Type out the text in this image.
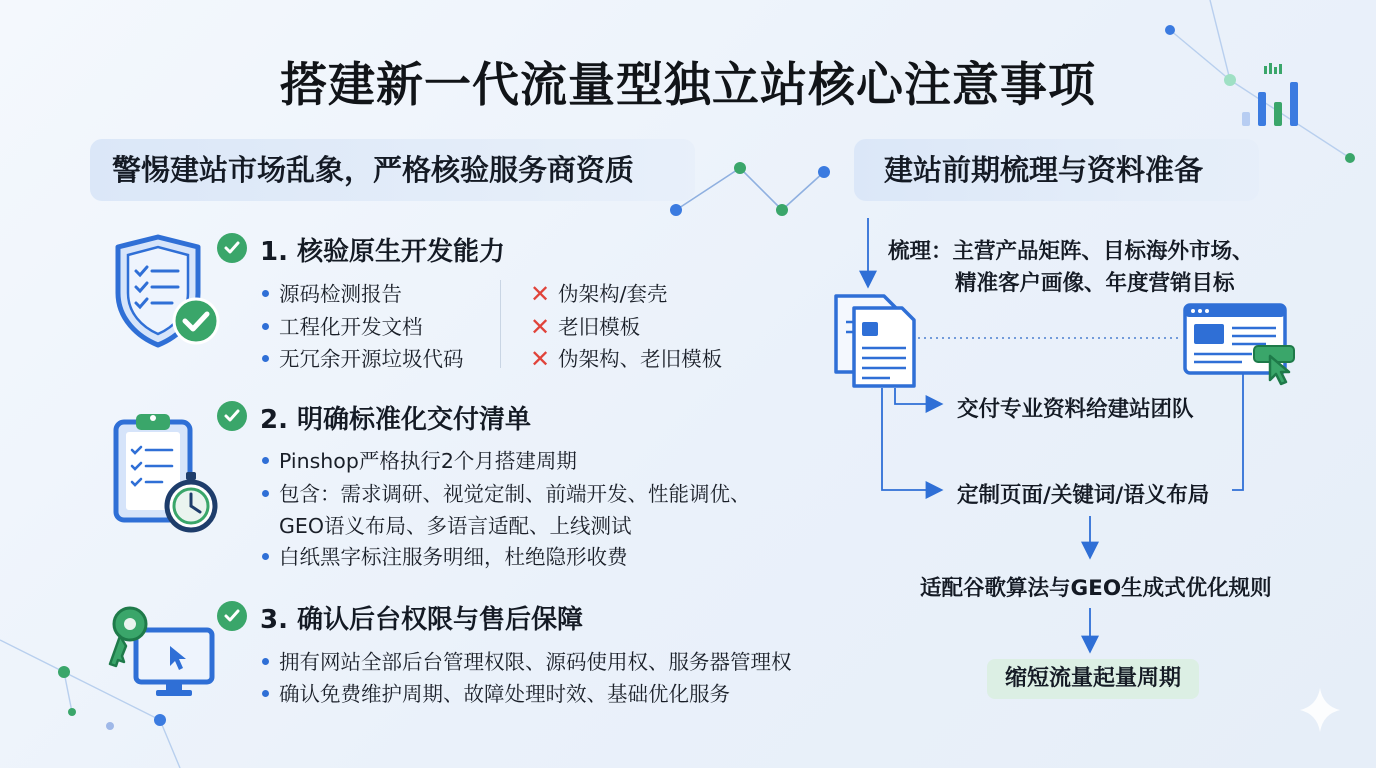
搭建新一代流量型独立站核心注意事项
警惕建站市场乱象，严格核验服务商资质
1. 核验原生开发能力
源码检测报告
工程化开发文档
无冗余开源垃圾代码
✕ 伪架构/套壳
✕ 老旧模板
✕ 伪架构、老旧模板
2. 明确标准化交付清单
Pinshop严格执行2个月搭建周期
包含：需求调研、视觉定制、前端开发、性能调优、
GEO语义布局、多语言适配、上线测试
白纸黑字标注服务明细，杜绝隐形收费
3. 确认后台权限与售后保障
拥有网站全部后台管理权限、源码使用权、服务器管理权
确认免费维护周期、故障处理时效、基础优化服务
建站前期梳理与资料准备
梳理：主营产品矩阵、目标海外市场、
精准客户画像、年度营销目标
交付专业资料给建站团队
定制页面/关键词/语义布局
适配谷歌算法与GEO生成式优化规则
缩短流量起量周期
